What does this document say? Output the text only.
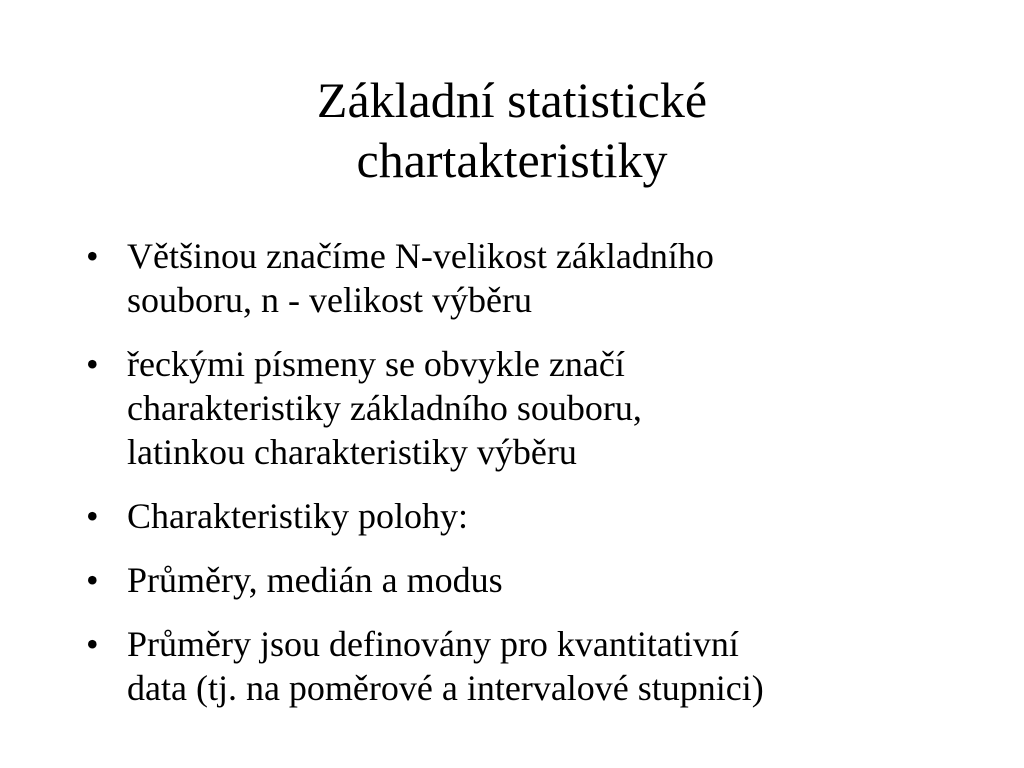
Základní statistické
chartakteristiky
• Většinou značíme N-velikost základního
souboru, n - velikost výběru
• řeckými písmeny se obvykle značí
charakteristiky základního souboru,
latinkou charakteristiky výběru
• Charakteristiky polohy:
• Průměry, medián a modus
• Průměry jsou definovány pro kvantitativní
data (tj. na poměrové a intervalové stupnici)
